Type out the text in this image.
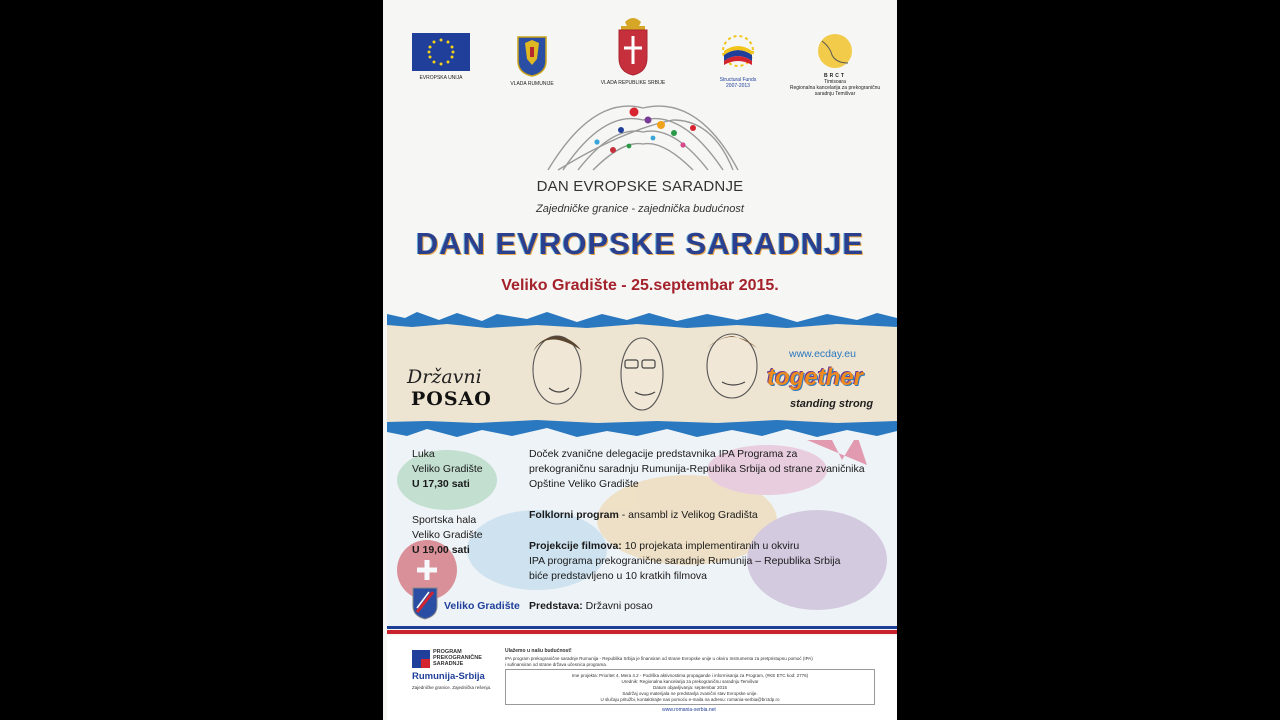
EVROPSKA UNIJA
VLADA RUMUNIJE	VLADA REPUBLIKE SRBIJE	Structural Funds
2007-2013
BRCT
Timisoara
Regionalna kancelarija za prekograničnu saradnju Temišvar
DAN EVROPSKE SARADNJE
Zajedničke granice - zajednička budućnost
DAN EVROPSKE SARADNJE
Veliko Gradište - 25.septembar 2015.
Državni
POSAO
www.ecday.eu
together
standing strong
Luka
Veliko Gradište
U 17,30 sati
Sportska hala
Veliko Gradište
U 19,00 sati
Doček zvanične delegacije predstavnika IPA Programa za
prekograničnu saradnju Rumunija-Republika Srbija od strane zvaničnika
Opštine Veliko Gradište
Folklorni program - ansambl iz Velikog Gradišta
Projekcije filmova: 10 projekata implementiranih u okviru
IPA programa prekogranične saradnje Rumunija – Republika Srbija
biće predstavljeno u 10 kratkih filmova
Veliko Gradište Predstava: Državni posao
PROGRAM
PREKOGRANIČNE
SARADNJE
Rumunija-Srbija
Zajedničke granice. Zajednička rešenja.
Ulažemo u našu budućnost!
IPA program prekogranične saradnje Rumunija - Republika Srbija je finansiran od strane Evropske unije u okviru Instrumenta za pretpristupnu pomoć (IPA)
i sufinansiran od strane država učesnica programa.
Ime projekta: Prioritet 4, Mera 4.2 - Podrška aktivnostima propagande i informisanja za Program, (#KE ETC kod: 2776)
Urednik: Regionalna kancelarija za prekograničnu saradnju Temišvar
Datum objavljivanja: septembar 2015
Sadržaj ovog materijala ne predstavlja zvanični stav Evropske unije.
U slučaju pritužbi, kontaktirajte nas pomoću e-maila na adresu: romania-serbia@brctdp.ro
www.romania-serbia.net
